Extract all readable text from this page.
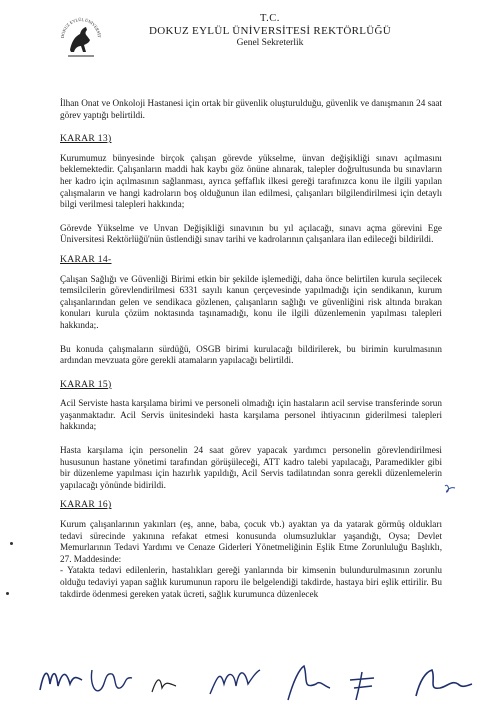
DOKUZ EYLÜL ÜNİVERSİT
T.C.
DOKUZ EYLÜL ÜNİVERSİTESİ REKTÖRLÜĞÜ
Genel Sekreterlik

İlhan Onat ve Onkoloji Hastanesi için ortak bir güvenlik oluşturulduğu, güvenlik ve danışmanın 24 saat görev yaptığı belirtildi.

KARAR 13)

Kurumumuz bünyesinde birçok çalışan görevde yükselme, ünvan değişikliği sınavı açılmasını beklemektedir. Çalışanların maddi hak kaybı göz önüne alınarak, talepler doğrultusunda bu sınavların her kadro için açılmasının sağlanması, ayrıca şeffaflık ilkesi gereği tarafınızca konu ile ilgili yapılan çalışmaların ve hangi kadroların boş olduğunun ilan edilmesi, çalışanları bilgilendirilmesi için detaylı bilgi verilmesi talepleri hakkında;

Görevde Yükselme ve Unvan Değişikliği sınavının bu yıl açılacağı, sınavı açma görevini Ege Üniversitesi Rektörlüğü'nün üstlendiği sınav tarihi ve kadrolarının çalışanlara ilan edileceği bildirildi.

KARAR 14-

Çalışan Sağlığı ve Güvenliği Birimi etkin bir şekilde işlemediği, daha önce belirtilen kurula seçilecek temsilcilerin görevlendirilmesi 6331 sayılı kanun çerçevesinde yapılmadığı için sendikanın, kurum çalışanlarından gelen ve sendikaca gözlenen, çalışanların sağlığı ve güvenliğini risk altında bırakan konuları kurula çözüm noktasında taşınamadığı, konu ile ilgili düzenlemenin yapılması talepleri hakkında;.

Bu konuda çalışmaların sürdüğü, OSGB birimi kurulacağı bildirilerek, bu birimin kurulmasının ardından mevzuata göre gerekli atamaların yapılacağı belirtildi.

KARAR 15)

Acil Serviste hasta karşılama birimi ve personeli olmadığı için hastaların acil servise transferinde sorun yaşanmaktadır. Acil Servis ünitesindeki hasta karşılama personel ihtiyacının giderilmesi talepleri hakkında;

Hasta karşılama için personelin 24 saat görev yapacak yardımcı personelin görevlendirilmesi hususunun hastane yönetimi tarafından görüşüleceği, ATT kadro talebi yapılacağı, Paramedikler gibi bir düzenleme yapılması için hazırlık yapıldığı, Acil Servis tadilatından sonra gerekli düzenlemelerin yapılacağı yönünde bidirildi.

KARAR 16)

Kurum çalışanlarının yakınları (eş, anne, baba, çocuk vb.) ayaktan ya da yatarak görmüş oldukları tedavi sürecinde yakınına refakat etmesi konusunda olumsuzluklar yaşandığı, Oysa; Devlet Memurlarının Tedavi Yardımı ve Cenaze Giderleri Yönetmeliğinin Eşlik Etme Zorunluluğu Başlıklı, 27. Maddesinde:

- Yatakta tedavi edilenlerin, hastalıkları gereği yanlarında bir kimsenin bulundurulmasının zorunlu olduğu tedaviyi yapan sağlık kurumunun raporu ile belgelendiği takdirde, hastaya biri eşlik ettirilir. Bu takdirde ödenmesi gereken yatak ücreti, sağlık kurumunca düzenlecek
